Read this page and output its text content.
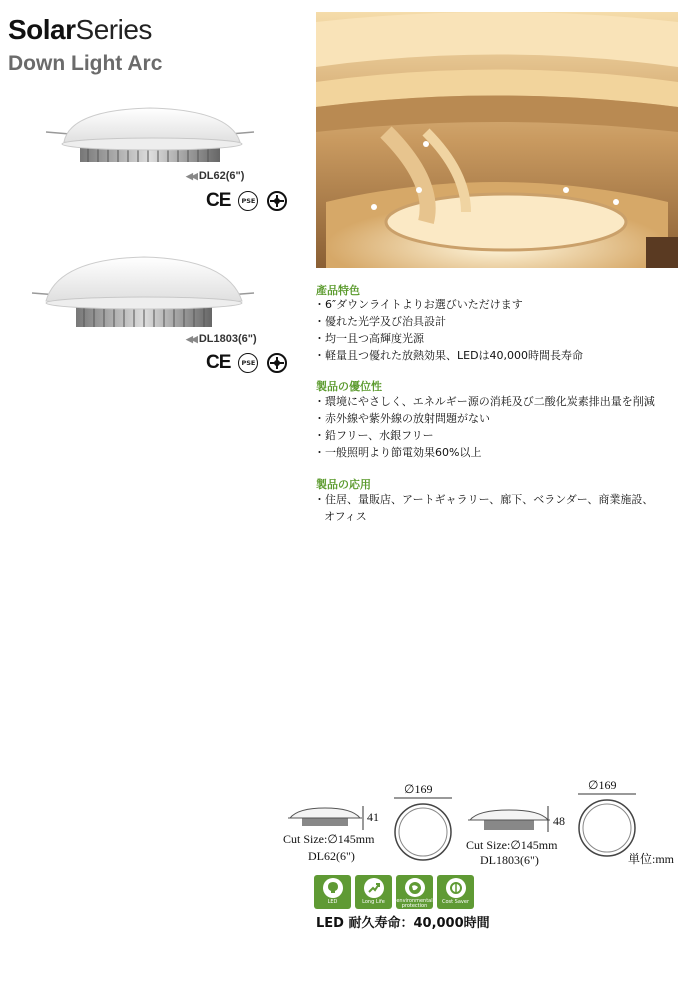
SolarSeries
Down Light Arc
◀◀ DL62(6")
CE PS E
◀◀ DL1803(6")
CE PS E
產品特色
・6″ダウンライトよりお選びいただけます
・優れた光学及び治具設計
・均一且つ高輝度光源
・軽量且つ優れた放熱効果、LEDは40,000時間長寿命
製品の優位性
・環境にやさしく、エネルギー源の消耗及び二酸化炭素排出量を削減
・赤外線や紫外線の放射問題がない
・鉛フリー、水銀フリー
・一般照明より節電効果60%以上
製品の応用
・住居、量販店、アートギャラリー、廊下、ベランダー、商業施設、
オフィス
41
∅169
Cut Size:∅145mm
DL62(6")
48
∅169
Cut Size:∅145mm
DL1803(6")	単位:mm
LED	Long Life environmental protection
Cost Saver
LED 耐久寿命：40,000時間
